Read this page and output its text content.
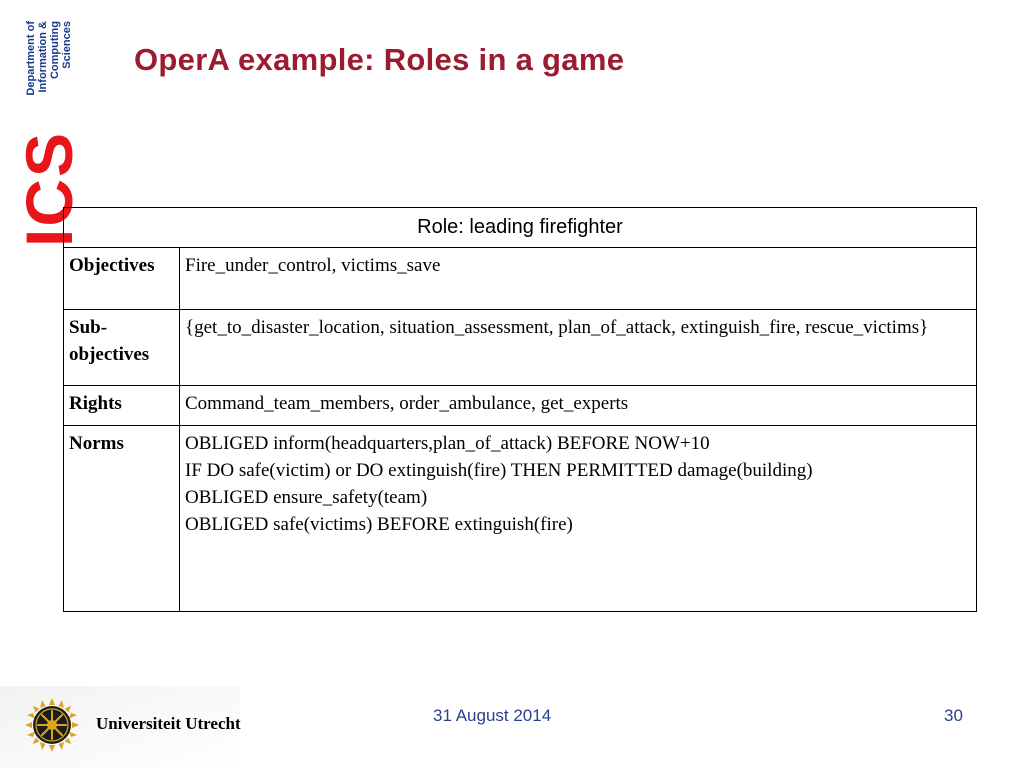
Department of Information & Computing Sciences
ICS
OperA example: Roles in a game
Role: leading firefighter	
Objectives	Fire_under_control, victims_save
Sub-
objectives	{get_to_disaster_location, situation_assessment, plan_of_attack, extinguish_fire, rescue_victims}
Rights	Command_team_members, order_ambulance, get_experts
Norms	OBLIGED inform(headquarters,plan_of_attack) BEFORE NOW+10
IF DO safe(victim) or DO extinguish(fire) THEN PERMITTED damage(building)
OBLIGED ensure_safety(team)
OBLIGED safe(victims) BEFORE extinguish(fire)
Universiteit Utrecht	31 August 2014	30
